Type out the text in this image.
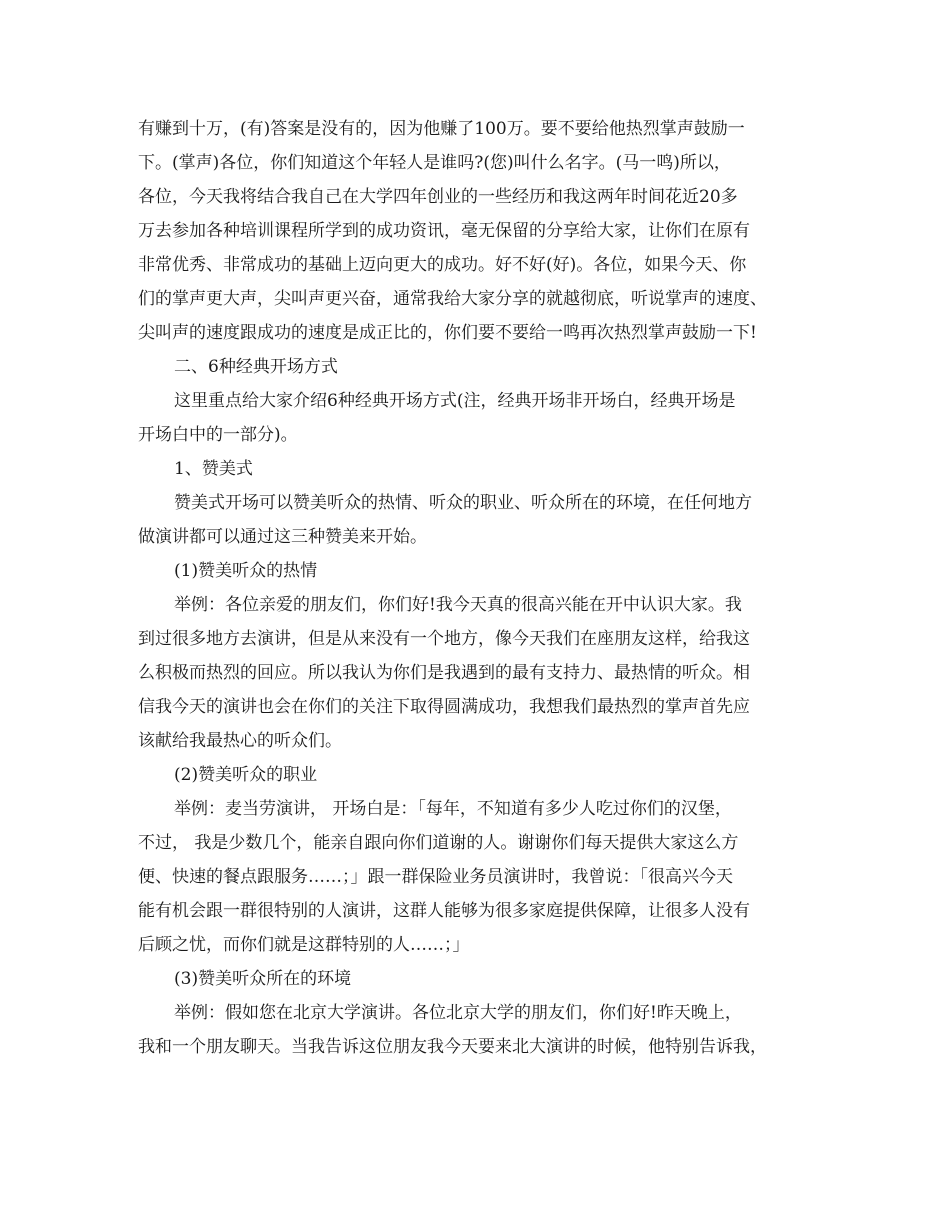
有赚到十万，(有)答案是没有的，因为他赚了100万。要不要给他热烈掌声鼓励一
下。(掌声)各位，你们知道这个年轻人是谁吗?(您)叫什么名字。(马一鸣)所以，
各位，今天我将结合我自己在大学四年创业的一些经历和我这两年时间花近20多
万去参加各种培训课程所学到的成功资讯，毫无保留的分享给大家，让你们在原有
非常优秀、非常成功的基础上迈向更大的成功。好不好(好)。各位，如果今天、你
们的掌声更大声，尖叫声更兴奋，通常我给大家分享的就越彻底，听说掌声的速度、
尖叫声的速度跟成功的速度是成正比的，你们要不要给一鸣再次热烈掌声鼓励一下!
二、6种经典开场方式
这里重点给大家介绍6种经典开场方式(注，经典开场非开场白，经典开场是
开场白中的一部分)。
1、赞美式
赞美式开场可以赞美听众的热情、听众的职业、听众所在的环境，在任何地方
做演讲都可以通过这三种赞美来开始。
(1)赞美听众的热情
举例：各位亲爱的朋友们，你们好!我今天真的很高兴能在开中认识大家。我
到过很多地方去演讲，但是从来没有一个地方，像今天我们在座朋友这样，给我这
么积极而热烈的回应。所以我认为你们是我遇到的最有支持力、最热情的听众。相
信我今天的演讲也会在你们的关注下取得圆满成功，我想我们最热烈的掌声首先应
该献给我最热心的听众们。
(2)赞美听众的职业
举例：麦当劳演讲， 开场白是：「每年，不知道有多少人吃过你们的汉堡，
不过， 我是少数几个，能亲自跟向你们道谢的人。谢谢你们每天提供大家这么方
便、快速的餐点跟服务……；」跟一群保险业务员演讲时，我曾说：「很高兴今天
能有机会跟一群很特别的人演讲，这群人能够为很多家庭提供保障，让很多人没有
后顾之忧，而你们就是这群特别的人……；」
(3)赞美听众所在的环境
举例：假如您在北京大学演讲。各位北京大学的朋友们，你们好!昨天晚上，
我和一个朋友聊天。当我告诉这位朋友我今天要来北大演讲的时候，他特别告诉我，
